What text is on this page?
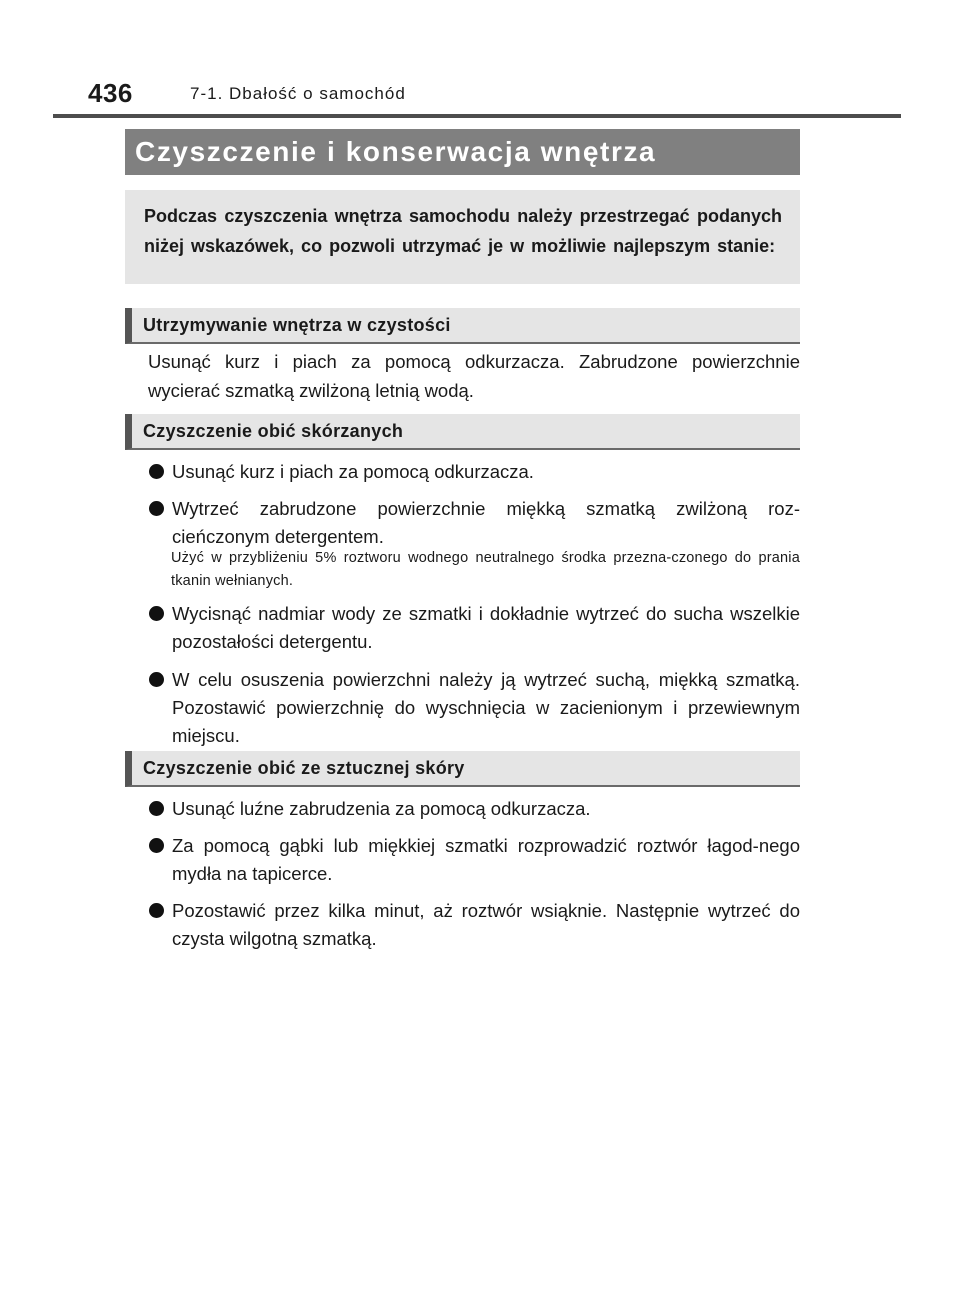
436	7-1. Dbałość o samochód
Czyszczenie i konserwacja wnętrza

Podczas czyszczenia wnętrza samochodu należy przestrzegać podanych niżej wskazówek, co pozwoli utrzymać je w możliwie najlepszym stanie:

Utrzymywanie wnętrza w czystości

Usunąć kurz i piach za pomocą odkurzacza. Zabrudzone powierzchnie wycierać szmatką zwilżoną letnią wodą.

Czyszczenie obić skórzanych
Usunąć kurz i piach za pomocą odkurzacza.
Wytrzeć zabrudzone powierzchnie miękką szmatką zwilżoną roz-cieńczonym detergentem.

Użyć w przybliżeniu 5% roztworu wodnego neutralnego środka przezna-czonego do prania tkanin wełnianych.

Wycisnąć nadmiar wody ze szmatki i dokładnie wytrzeć do sucha wszelkie pozostałości detergentu.
W celu osuszenia powierzchni należy ją wytrzeć suchą, miękką szmatką. Pozostawić powierzchnię do wyschnięcia w zacienionym i przewiewnym miejscu.
Czyszczenie obić ze sztucznej skóry
Usunąć luźne zabrudzenia za pomocą odkurzacza.
Za pomocą gąbki lub miękkiej szmatki rozprowadzić roztwór łagod-nego mydła na tapicerce.
Pozostawić przez kilka minut, aż roztwór wsiąknie. Następnie wytrzeć do czysta wilgotną szmatką.
